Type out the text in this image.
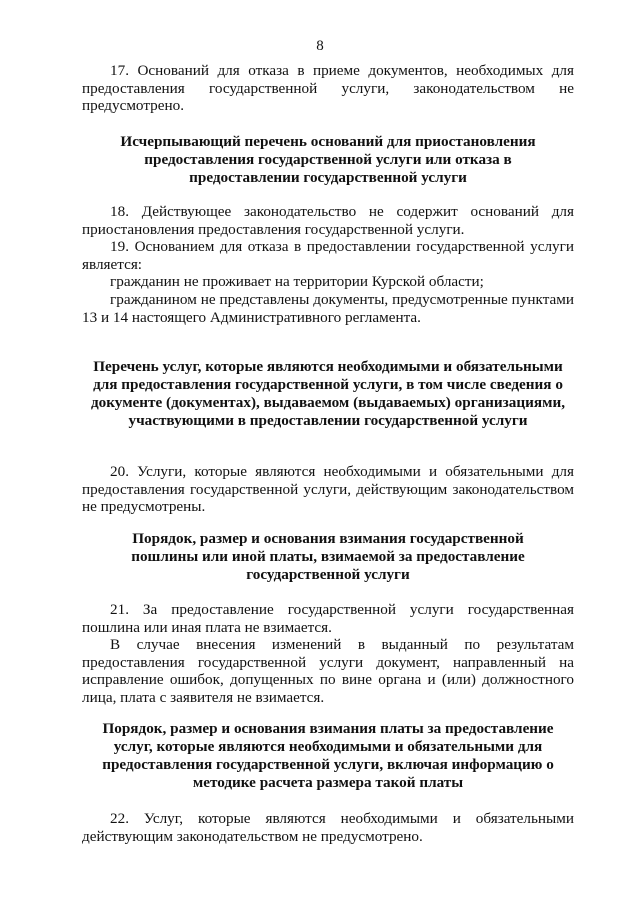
8

17. Оснований для отказа в приеме документов, необходимых для предоставления государственной услуги, законодательством не предусмотрено.

Исчерпывающий перечень оснований для приостановления предоставления государственной услуги или отказа в предоставлении государственной услуги

18. Действующее законодательство не содержит оснований для приостановления предоставления государственной услуги.

19. Основанием для отказа в предоставлении государственной услуги является:

гражданин не проживает на территории Курской области;

гражданином не представлены документы, предусмотренные пунктами 13 и 14 настоящего Административного регламента.

Перечень услуг, которые являются необходимыми и обязательными для предоставления государственной услуги, в том числе сведения о документе (документах), выдаваемом (выдаваемых) организациями, участвующими в предоставлении государственной услуги

20. Услуги, которые являются необходимыми и обязательными для предоставления государственной услуги, действующим законодательством не предусмотрены.

Порядок, размер и основания взимания государственной пошлины или иной платы, взимаемой за предоставление государственной услуги

21. За предоставление государственной услуги государственная пошлина или иная плата не взимается.

В случае внесения изменений в выданный по результатам предоставления государственной услуги документ, направленный на исправление ошибок, допущенных по вине органа и (или) должностного лица, плата с заявителя не взимается.

Порядок, размер и основания взимания платы за предоставление услуг, которые являются необходимыми и обязательными для предоставления государственной услуги, включая информацию о методике расчета размера такой платы

22. Услуг, которые являются необходимыми и обязательными действующим законодательством не предусмотрено.
